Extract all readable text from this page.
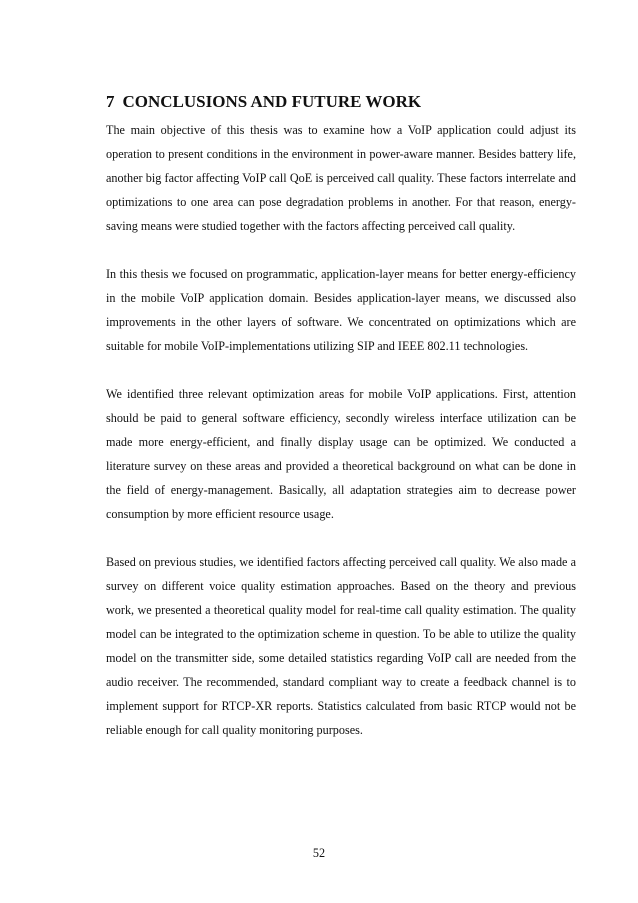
7 CONCLUSIONS AND FUTURE WORK

The main objective of this thesis was to examine how a VoIP application could adjust its operation to present conditions in the environment in power-aware manner. Besides battery life, another big factor affecting VoIP call QoE is perceived call quality. These factors interrelate and optimizations to one area can pose degradation problems in another. For that reason, energy-saving means were studied together with the factors affecting perceived call quality.

In this thesis we focused on programmatic, application-layer means for better energy-efficiency in the mobile VoIP application domain. Besides application-layer means, we discussed also improvements in the other layers of software. We concentrated on optimizations which are suitable for mobile VoIP-implementations utilizing SIP and IEEE 802.11 technologies.

We identified three relevant optimization areas for mobile VoIP applications. First, attention should be paid to general software efficiency, secondly wireless interface utilization can be made more energy-efficient, and finally display usage can be optimized. We conducted a literature survey on these areas and provided a theoretical background on what can be done in the field of energy-management. Basically, all adaptation strategies aim to decrease power consumption by more efficient resource usage.

Based on previous studies, we identified factors affecting perceived call quality. We also made a survey on different voice quality estimation approaches. Based on the theory and previous work, we presented a theoretical quality model for real-time call quality estimation. The quality model can be integrated to the optimization scheme in question. To be able to utilize the quality model on the transmitter side, some detailed statistics regarding VoIP call are needed from the audio receiver. The recommended, standard compliant way to create a feedback channel is to implement support for RTCP-XR reports. Statistics calculated from basic RTCP would not be reliable enough for call quality monitoring purposes.

52
